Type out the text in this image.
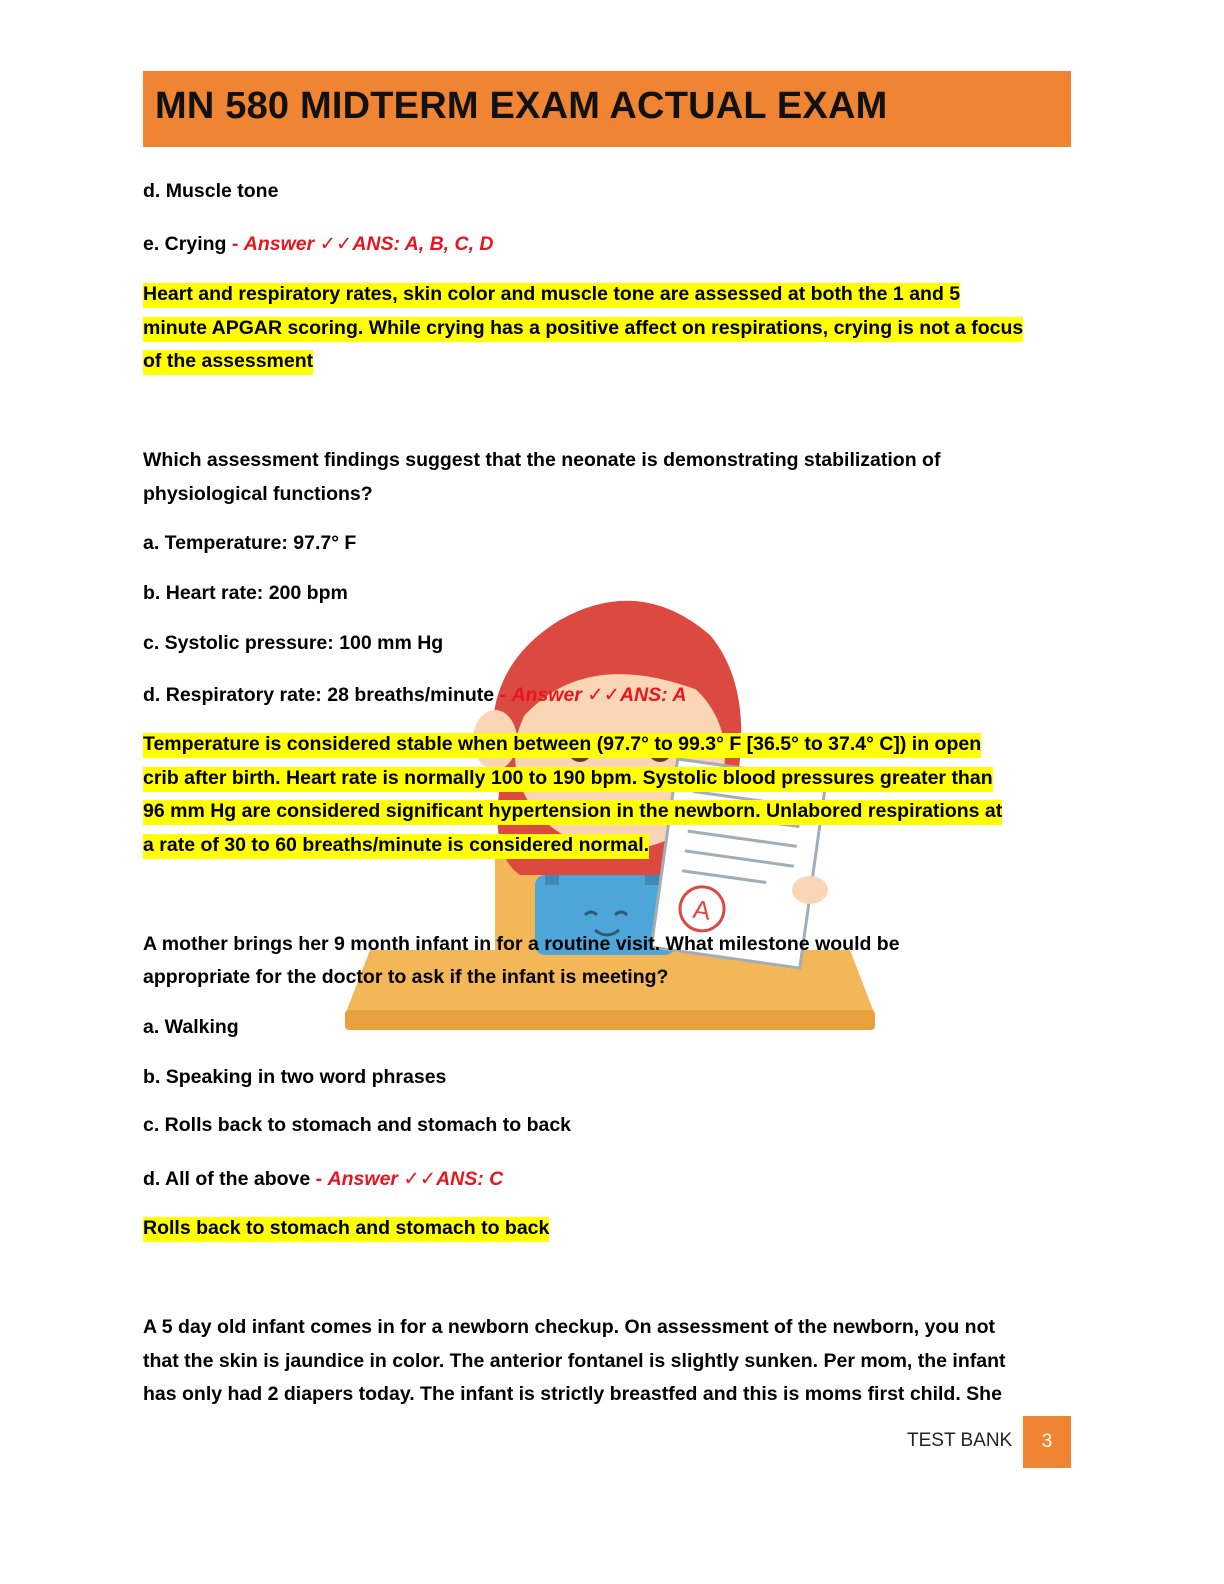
MN 580 MIDTERM EXAM ACTUAL EXAM
A
d. Muscle tone
e. Crying - Answer ✓✓ANS: A, B, C, D
Heart and respiratory rates, skin color and muscle tone are assessed at both the 1 and 5
minute APGAR scoring. While crying has a positive affect on respirations, crying is not a focus
of the assessment
Which assessment findings suggest that the neonate is demonstrating stabilization of
physiological functions?
a. Temperature: 97.7° F
b. Heart rate: 200 bpm
c. Systolic pressure: 100 mm Hg
d. Respiratory rate: 28 breaths/minute - Answer ✓✓ANS: A
Temperature is considered stable when between (97.7° to 99.3° F [36.5° to 37.4° C]) in open
crib after birth. Heart rate is normally 100 to 190 bpm. Systolic blood pressures greater than
96 mm Hg are considered significant hypertension in the newborn. Unlabored respirations at
a rate of 30 to 60 breaths/minute is considered normal.
A mother brings her 9 month infant in for a routine visit. What milestone would be
appropriate for the doctor to ask if the infant is meeting?
a. Walking
b. Speaking in two word phrases
c. Rolls back to stomach and stomach to back
d. All of the above - Answer ✓✓ANS: C
Rolls back to stomach and stomach to back
A 5 day old infant comes in for a newborn checkup. On assessment of the newborn, you not
that the skin is jaundice in color. The anterior fontanel is slightly sunken. Per mom, the infant
has only had 2 diapers today. The infant is strictly breastfed and this is moms first child. She
TEST BANK	3
